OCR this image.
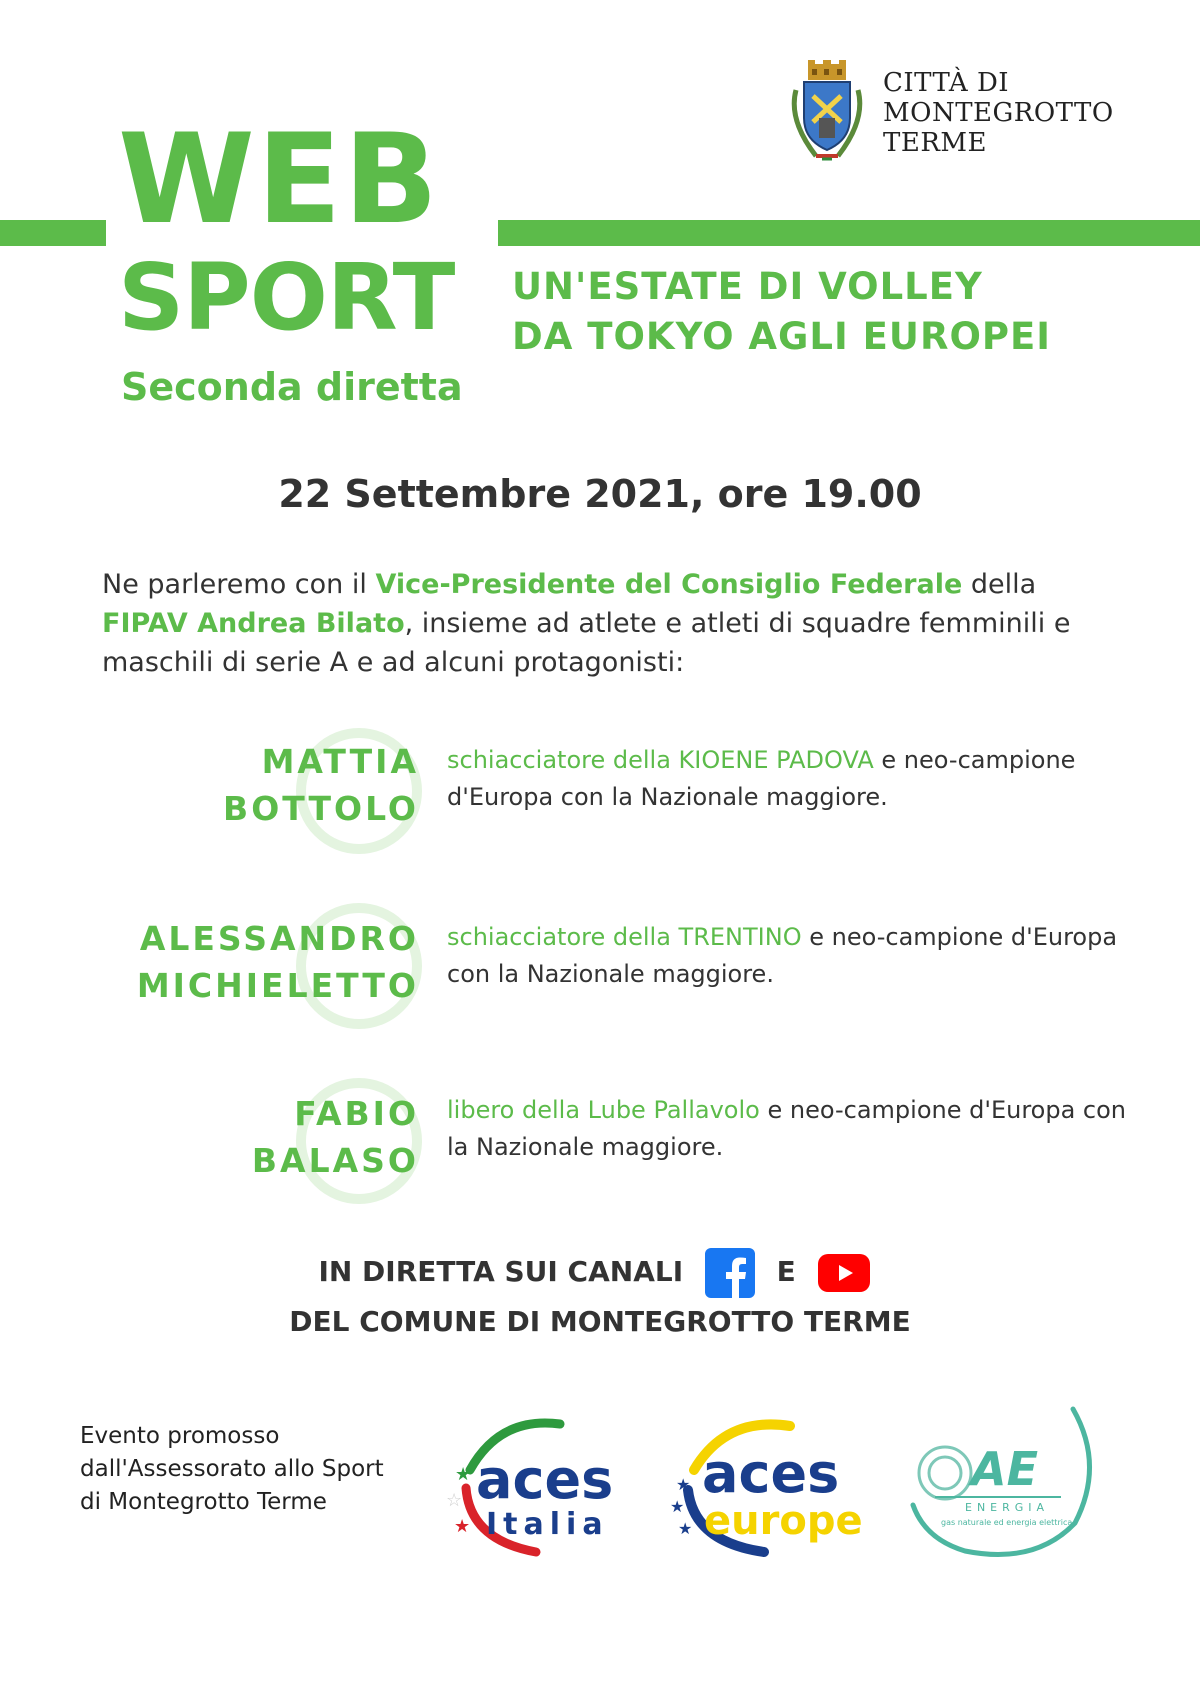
WEB
SPORT
Seconda diretta
UN'ESTATE DI VOLLEY
DA TOKYO AGLI EUROPEI
CITTÀ DI
MONTEGROTTO
TERME
22 Settembre 2021, ore 19.00
Ne parleremo con il Vice-Presidente del Consiglio Federale della FIPAV Andrea Bilato, insieme ad atlete e atleti di squadre femminili e maschili di serie A e ad alcuni protagonisti:
MATTIA
BOTTOLO
schiacciatore della KIOENE PADOVA e neo-campione d'Europa con la Nazionale maggiore.
ALESSANDRO
MICHIELETTO
schiacciatore della TRENTINO e neo-campione d'Europa con la Nazionale maggiore.
FABIO
BALASO
libero della Lube Pallavolo e neo-campione d'Europa con la Nazionale maggiore.
IN DIRETTA SUI CANALI	E
DEL COMUNE DI MONTEGROTTO TERME
Evento promosso
dall'Assessorato allo Sport
di Montegrotto Terme
★
☆
★
aces
Italia
★
★
★
aces
europe
AE
ENERGIA
gas naturale ed energia elettrica
